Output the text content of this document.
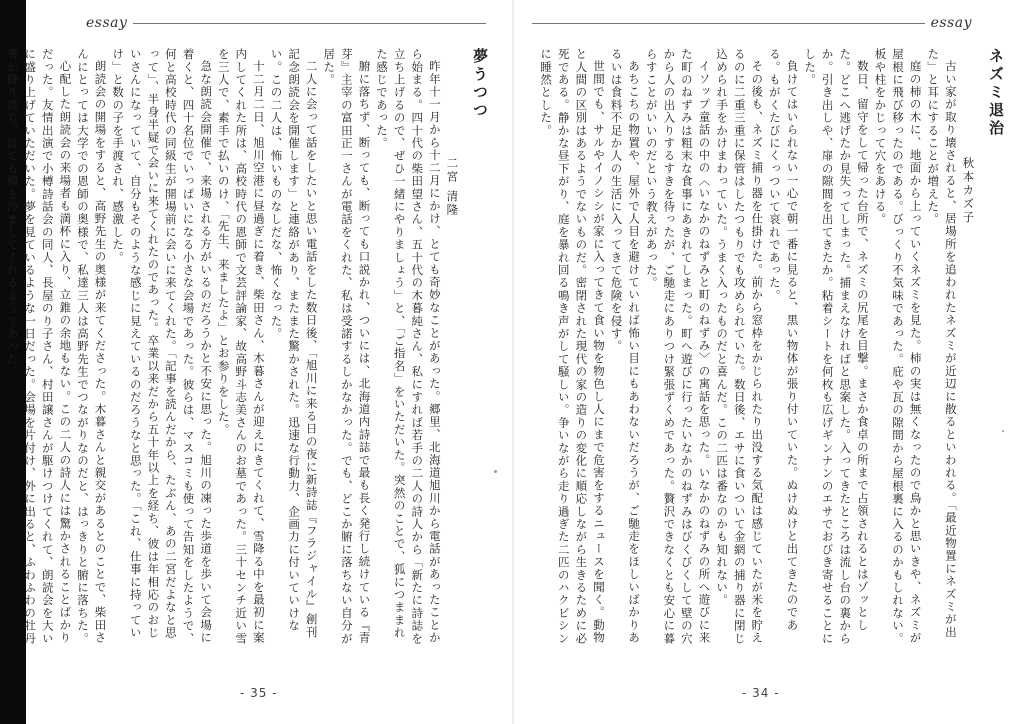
essay

夢うつつ

二宮 清隆

昨年十一月から十二月にかけ、とても奇妙なことがあった。郷里、北海道旭川から電話があったことから始まる。四十代の柴田望さん、五十代の木暮純さん、私にすれば若手の二人の詩人から「新たに詩誌を立ち上げるので、ぜひ一緒にやりましょう」と、「ご指名」をいただいた。突然のことで、狐につままれた感じであった。

腑に落ちず、断っても、断っても口説かれ、ついには、北海道内詩誌で最も長く発行し続けている『青芽』主宰の富田正一さんが電話をくれた、私は受諾するしかなかった。でも、どこか腑に落ちない自分が居た。

二人に会って話をしたいと思い電話をした数日後、「旭川に来る日の夜に新詩誌『フラジャイル』創刊記念朗読会を開催します」と連絡があり、またまた驚かされた。迅速な行動力、企画力に付いていけない。この二人は、怖いものなしだな、怖くなった。

十二月二日、旭川空港に昼過ぎに着き、柴田さん、木暮さんが迎えにきてくれて、雪降る中を最初に案内してくれた所は、高校時代の恩師で文芸評論家、故高野斗志美さんのお墓であった。三十センチ近い雪を三人で、素手で払いのけ、「先生、来ましたよ」とお参りをした。

急な朗読会開催で、来場される方がいるのだろうかと不安に思った。旭川の凍った歩道を歩いて会場に着くと、四十名位でいっぱいになる小さな会場であった。彼らは、マスコミも使って告知をしたようで、何と高校時代の同級生が開場前に会いに来てくれた。「記事を読んだから、たぶん、あの二宮だよなと思って」、半身半疑で会いに来てくれたのであった。卒業以来だから五十年以上を経ち、彼は年相応のおじいさんになっていて、自分もそのような感じに見えているのだろうなと思った。「これ、仕事に持っていけ」と数の子を手渡され、感激した。

朗読会の開場をすると、高野先生の奥様が来てくださった。木暮さんと親交があるとのことで、柴田さんにとっては大学での恩師の奥様で、私達三人は高野先生でつながりなのだと、はっきりと腑に落ちた。

心配した朗読会の来場者も満杯に入り、立錐の余地もない。この二人の詩人には驚かされることばかりだった。友情出演で小樽詩話会の同人、長屋のり子さん、村田譲さんが駆けつけてくれて、朗読会を大いに盛り上げていただいた。夢を見ているような一日だった。会場を片付け、外に出ると、ふわふわの牡丹雪が降り落ち、ほてる頬を冷ましてくれるようであった。

- 35 -
essay

ネズミ退治

秋本カズ子

古い家が取り壊されると、居場所を追われたネズミが近辺に散るといわれる。「最近物置にネズミが出た」と耳にすることが増えた。

庭の柿の木に、地面から上っていくネズミを見た。柿の実は無くなったので鳥かと思いきや、ネズミが屋根に飛び移ったのである。びっくり不気味であった。庇や瓦の隙間から屋根裏に入るのかもしれない。板や柱をかじって穴をあける。

数日、留守をして帰った台所で、ネズミの尻尾を目撃。まさか食卓の所まで占領されるとはゾッとした。どこへ逃げたか見失ってしまった。捕まえなければと思案した。入ってきたところは流し台の裏からか。引き出しや、扉の隙間を出てきたか。粘着シートを何枚も広げギンナンのエサでおびき寄せることにした。

負けてはいられない一心で朝一番に見ると、黒い物体が張り付いていた。ぬけぬけと出てきたのである。もがくたびにくっついて哀れであった。

その後も、ネズミ捕り器を仕掛けた。前から窓枠をかじられたり出没する気配は感じていたが米を貯えるのに二重三重に保管はしたつもりでも攻められていた。数日後、エサに食いついて金網の捕り器に閉じ込められ手をかけまわっていた。うまく入ったものだと喜んだ。この二匹は番なのかも知れない。

イソップ童話の中の〈いなかのねずみと町のねずみ〉の寓話を思った。いなかのねずみの所へ遊びに来た町のねずみは粗末な食事にあきれてしまった。町へ遊びに行ったいなかのねずみはびくびくして壁の穴から人の出入りするすきを待ったが、ご馳走にありつけ緊張ずくめであった。贅沢できなくとも安心に暮らすことがいいのだという教えがあった。

あちこちの物置や、屋外で人目を避けていれば怖い目にもあわないだろうが、ご馳走をほしいばかりあるいは食料不足か人の生活に入ってきて危険を侵す。

世間でも、サルやイノシシが家に入ってきて食い物を物色し人にまで危害をするニュースを聞く。動物と人間の区別はあるようでないものだ。密閉された現代の家の造りの変化に順応しながら生きるために必死である。静かな昼下がり、庭を暴れ回る鳴き声がして騒しい。争いながら走り過ぎた二匹のハクビシンに睡然とした。

- 34 -
